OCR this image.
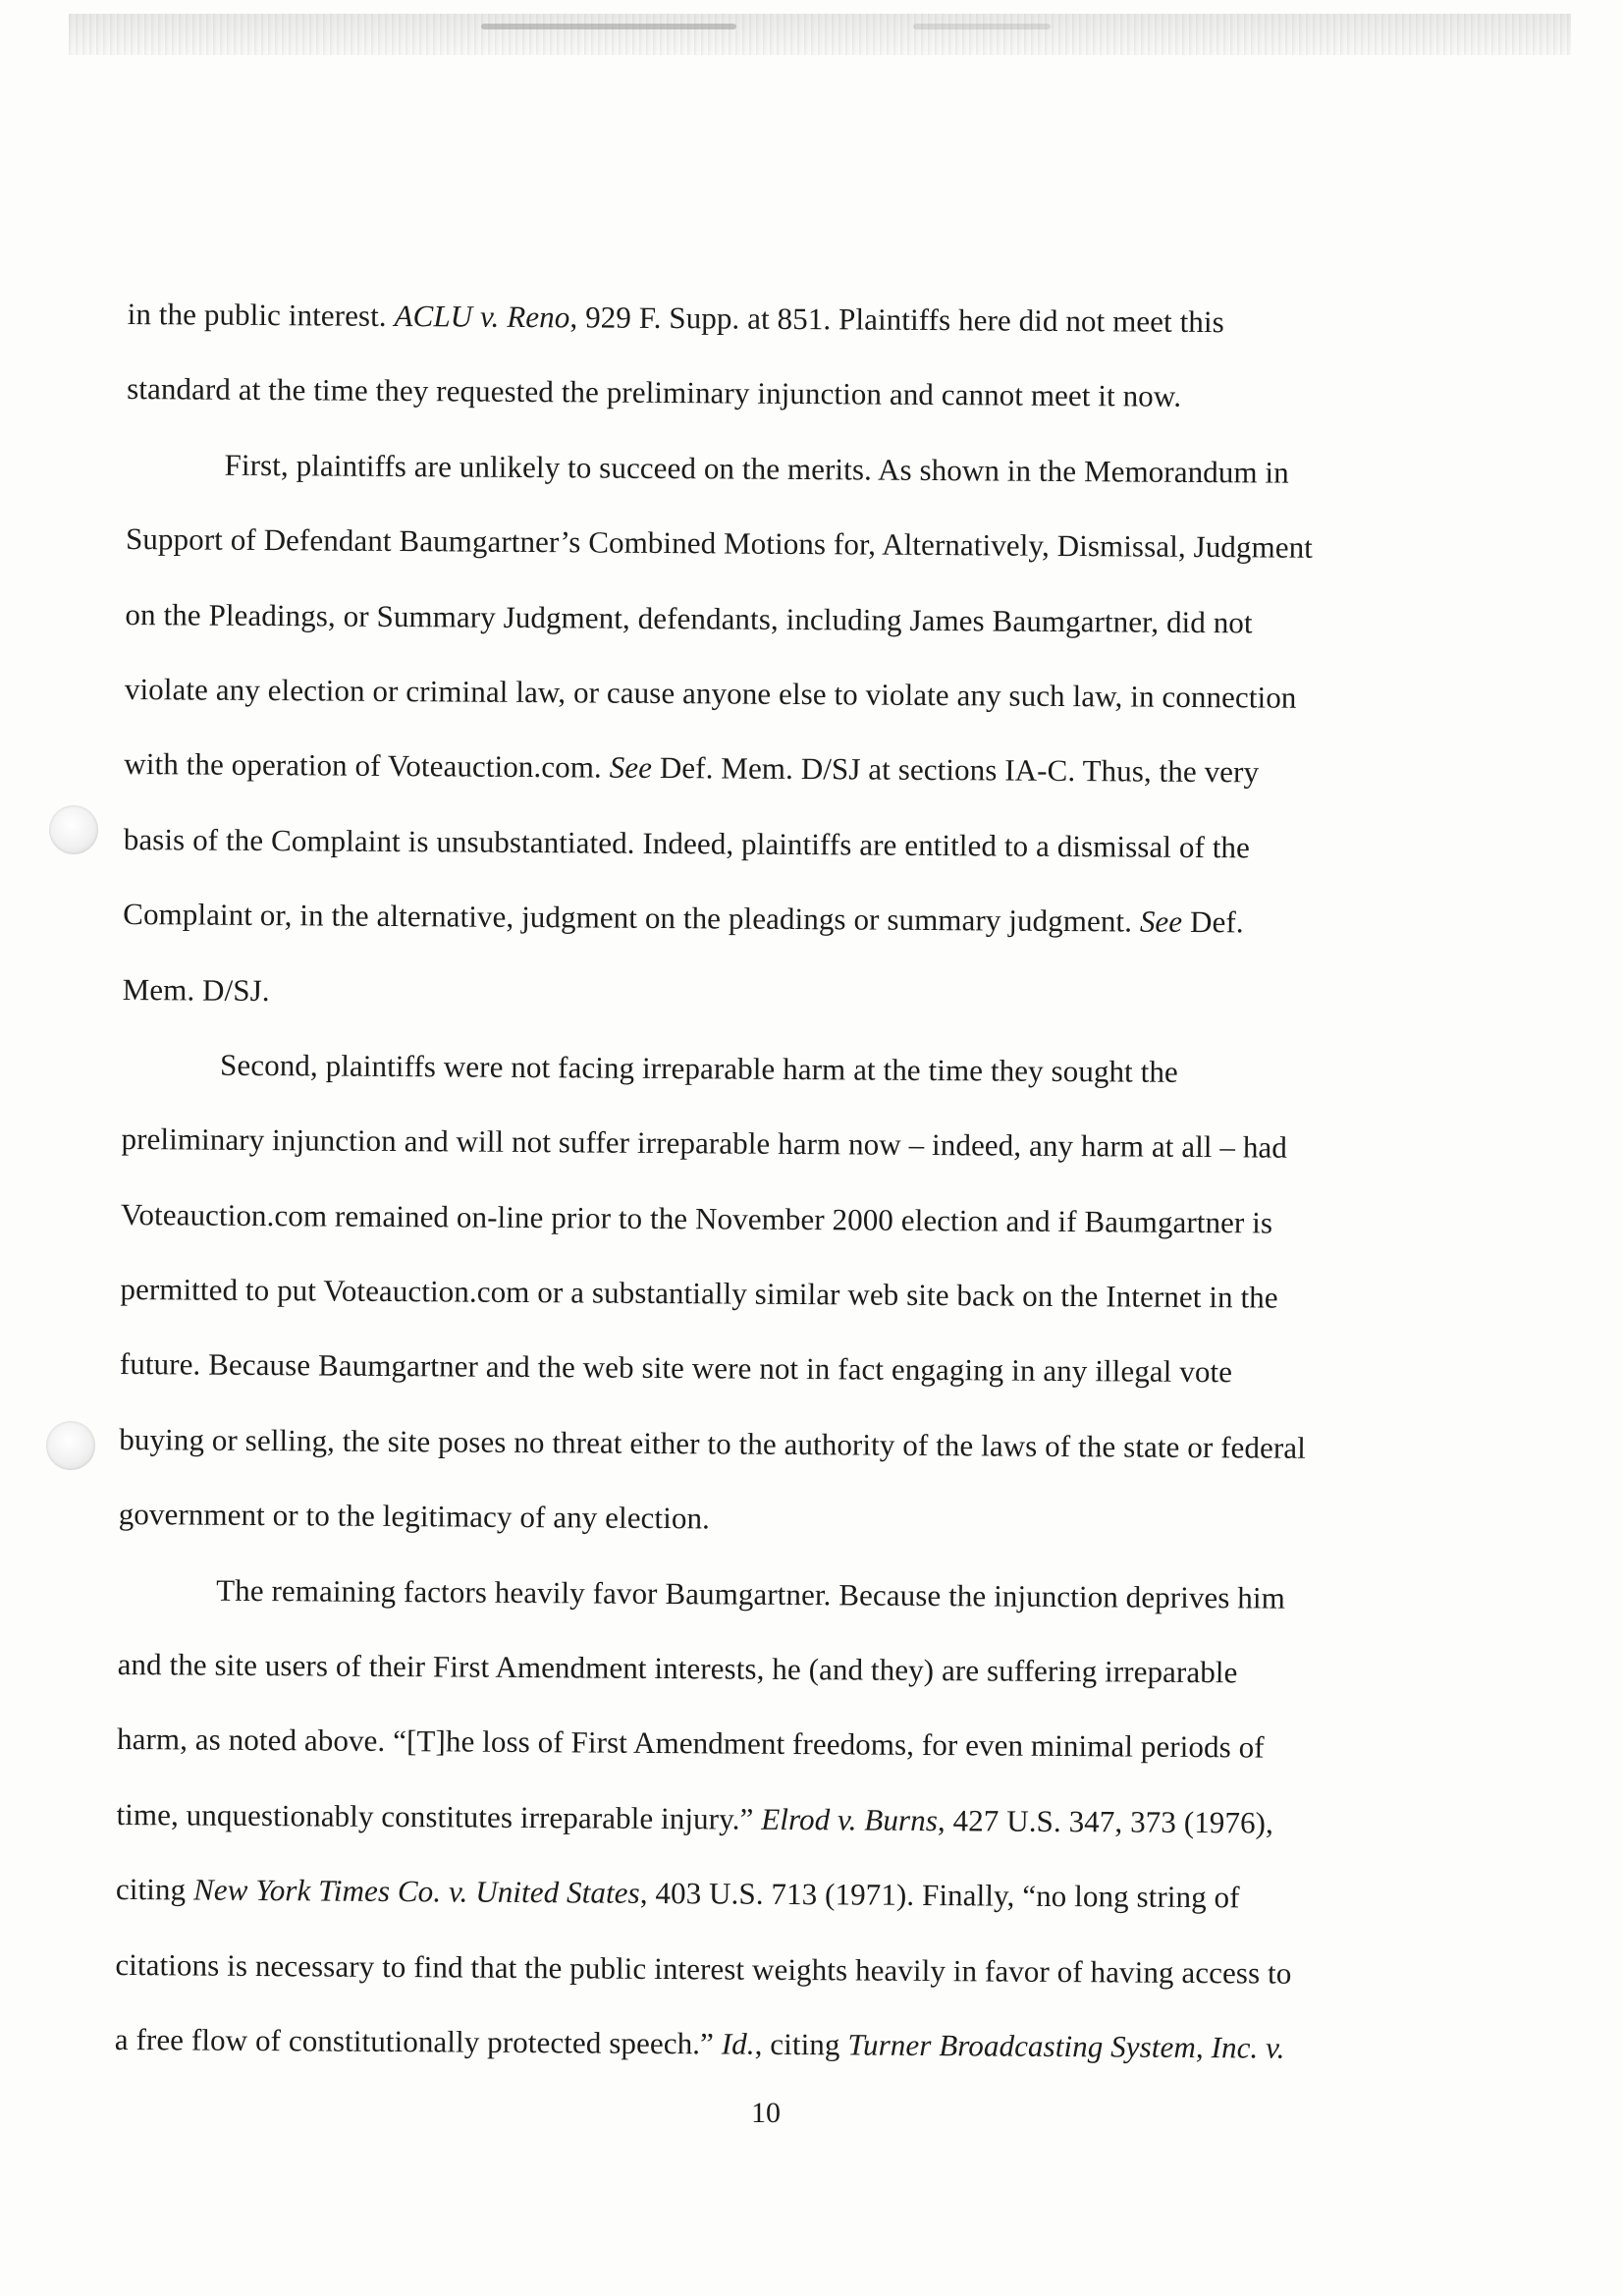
in the public interest. ACLU v. Reno, 929 F. Supp. at 851. Plaintiffs here did not meet this
standard at the time they requested the preliminary injunction and cannot meet it now.
First, plaintiffs are unlikely to succeed on the merits. As shown in the Memorandum in
Support of Defendant Baumgartner’s Combined Motions for, Alternatively, Dismissal, Judgment
on the Pleadings, or Summary Judgment, defendants, including James Baumgartner, did not
violate any election or criminal law, or cause anyone else to violate any such law, in connection
with the operation of Voteauction.com. See Def. Mem. D/SJ at sections IA-C. Thus, the very
basis of the Complaint is unsubstantiated. Indeed, plaintiffs are entitled to a dismissal of the
Complaint or, in the alternative, judgment on the pleadings or summary judgment. See Def.
Mem. D/SJ.
Second, plaintiffs were not facing irreparable harm at the time they sought the
preliminary injunction and will not suffer irreparable harm now – indeed, any harm at all – had
Voteauction.com remained on-line prior to the November 2000 election and if Baumgartner is
permitted to put Voteauction.com or a substantially similar web site back on the Internet in the
future. Because Baumgartner and the web site were not in fact engaging in any illegal vote
buying or selling, the site poses no threat either to the authority of the laws of the state or federal
government or to the legitimacy of any election.
The remaining factors heavily favor Baumgartner. Because the injunction deprives him
and the site users of their First Amendment interests, he (and they) are suffering irreparable
harm, as noted above. “[T]he loss of First Amendment freedoms, for even minimal periods of
time, unquestionably constitutes irreparable injury.” Elrod v. Burns, 427 U.S. 347, 373 (1976),
citing New York Times Co. v. United States, 403 U.S. 713 (1971). Finally, “no long string of
citations is necessary to find that the public interest weights heavily in favor of having access to
a free flow of constitutionally protected speech.” Id., citing Turner Broadcasting System, Inc. v.
10
